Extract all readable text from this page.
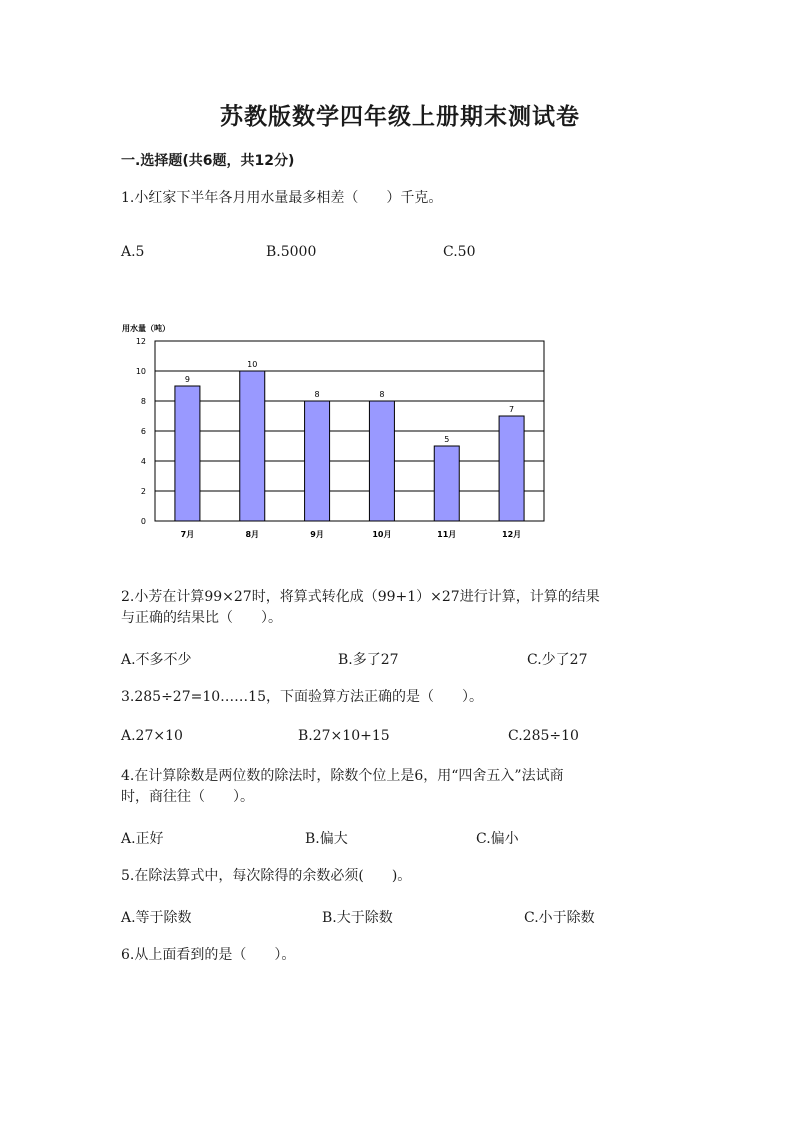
苏教版数学四年级上册期末测试卷
一.选择题(共6题，共12分)
1.小红家下半年各月用水量最多相差（　　）千克。
A.5	B.5000	C.50
用水量（吨）
9
10
8	8
5
7
0
2
4
6
8
10
12
7月	8月	9月	10月	11月	12月
2.小芳在计算99×27时，将算式转化成（99+1）×27进行计算，计算的结果
与正确的结果比（　　）。
A.不多不少	B.多了27	C.少了27
3.285÷27=10……15，下面验算方法正确的是（　　）。
A.27×10	B.27×10+15	C.285÷10
4.在计算除数是两位数的除法时，除数个位上是6，用“四舍五入”法试商
时，商往往（　　）。
A.正好	B.偏大	C.偏小
5.在除法算式中，每次除得的余数必须(　　)。
A.等于除数	B.大于除数	C.小于除数
6.从上面看到的是（　　）。
